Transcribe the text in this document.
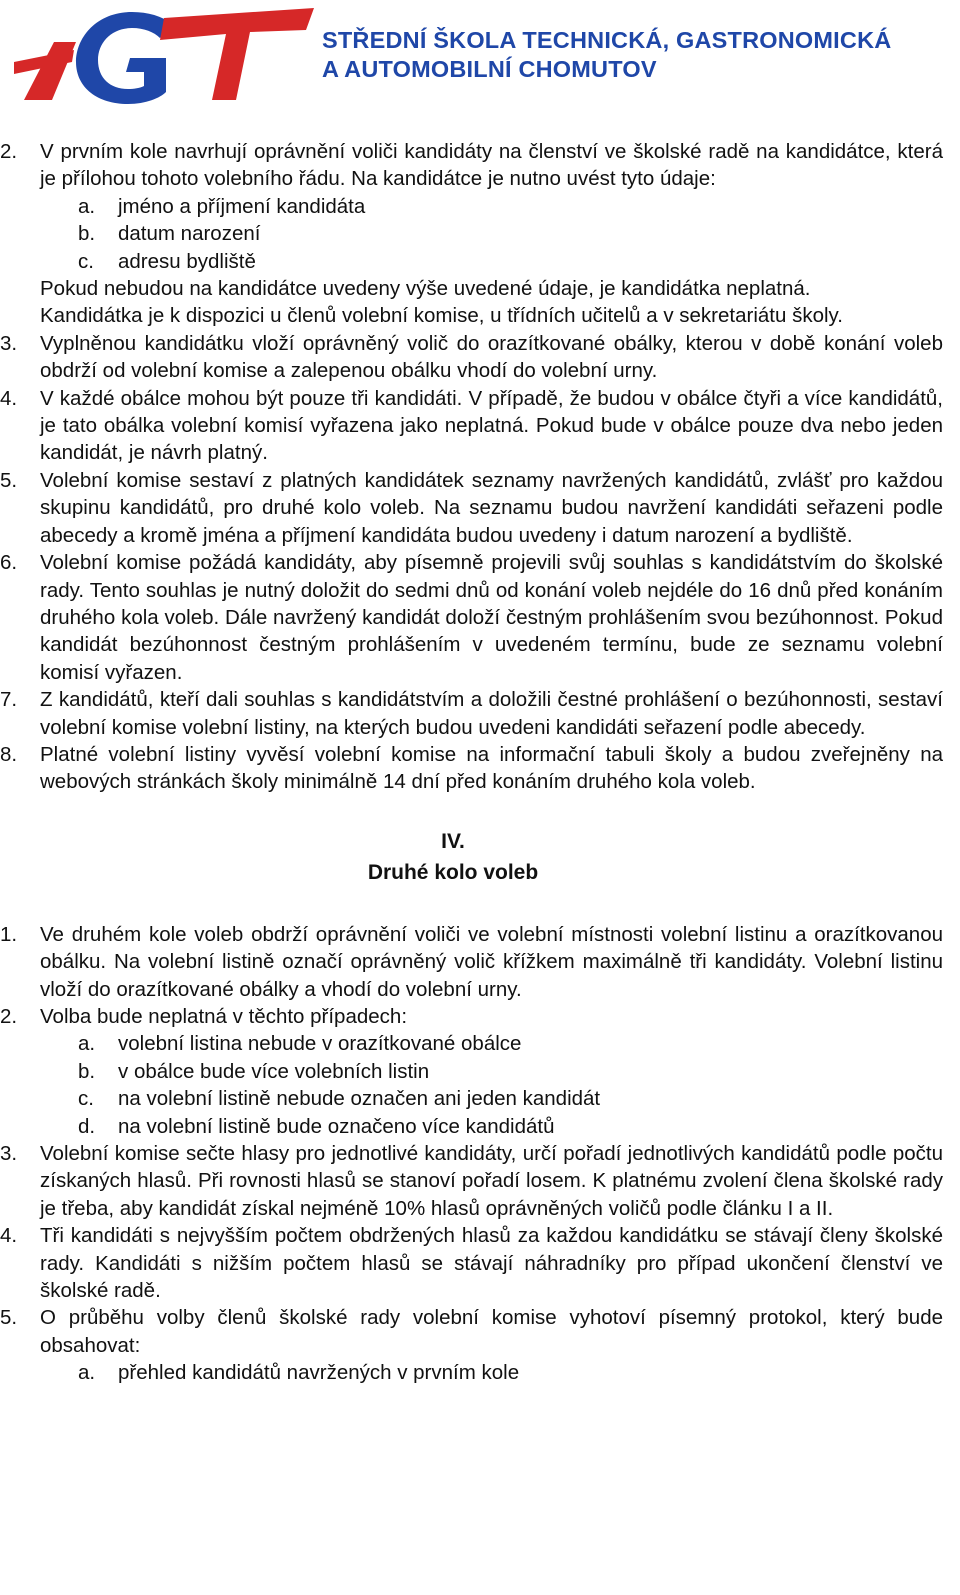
STŘEDNÍ ŠKOLA TECHNICKÁ, GASTRONOMICKÁ
A AUTOMOBILNÍ CHOMUTOV
2. V prvním kole navrhují oprávnění voliči kandidáty na členství ve školské radě na kandidátce, která je přílohou tohoto volebního řádu. Na kandidátce je nutno uvést tyto údaje:
a. jméno a příjmení kandidáta
b. datum narození
c. adresu bydliště
Pokud nebudou na kandidátce uvedeny výše uvedené údaje, je kandidátka neplatná.
Kandidátka je k dispozici u členů volební komise, u třídních učitelů a v sekretariátu školy.
3. Vyplněnou kandidátku vloží oprávněný volič do orazítkované obálky, kterou v době konání voleb obdrží od volební komise a zalepenou obálku vhodí do volební urny.
4. V každé obálce mohou být pouze tři kandidáti. V případě, že budou v obálce čtyři a více kandidátů, je tato obálka volební komisí vyřazena jako neplatná. Pokud bude v obálce pouze dva nebo jeden kandidát, je návrh platný.
5. Volební komise sestaví z platných kandidátek seznamy navržených kandidátů, zvlášť pro každou skupinu kandidátů, pro druhé kolo voleb. Na seznamu budou navržení kandidáti seřazeni podle abecedy a kromě jména a příjmení kandidáta budou uvedeny i datum narození a bydliště.
6. Volební komise požádá kandidáty, aby písemně projevili svůj souhlas s kandidátstvím do školské rady. Tento souhlas je nutný doložit do sedmi dnů od konání voleb nejdéle do 16 dnů před konáním druhého kola voleb. Dále navržený kandidát doloží čestným prohlášením svou bezúhonnost. Pokud kandidát bezúhonnost čestným prohlášením v uvedeném termínu, bude ze seznamu volební komisí vyřazen.
7. Z kandidátů, kteří dali souhlas s kandidátstvím a doložili čestné prohlášení o bezúhonnosti, sestaví volební komise volební listiny, na kterých budou uvedeni kandidáti seřazení podle abecedy.
8. Platné volební listiny vyvěsí volební komise na informační tabuli školy a budou zveřejněny na webových stránkách školy minimálně 14 dní před konáním druhého kola voleb.
IV.
Druhé kolo voleb
1. Ve druhém kole voleb obdrží oprávnění voliči ve volební místnosti volební listinu a orazítkovanou obálku. Na volební listině označí oprávněný volič křížkem maximálně tři kandidáty. Volební listinu vloží do orazítkované obálky a vhodí do volební urny.
2. Volba bude neplatná v těchto případech:
a. volební listina nebude v orazítkované obálce
b. v obálce bude více volebních listin
c. na volební listině nebude označen ani jeden kandidát
d. na volební listině bude označeno více kandidátů
3. Volební komise sečte hlasy pro jednotlivé kandidáty, určí pořadí jednotlivých kandidátů podle počtu získaných hlasů. Při rovnosti hlasů se stanoví pořadí losem. K platnému zvolení člena školské rady je třeba, aby kandidát získal nejméně 10% hlasů oprávněných voličů podle článku I a II.
4. Tři kandidáti s nejvyšším počtem obdržených hlasů za každou kandidátku se stávají členy školské rady. Kandidáti s nižším počtem hlasů se stávají náhradníky pro případ ukončení členství ve školské radě.
5. O průběhu volby členů školské rady volební komise vyhotoví písemný protokol, který bude obsahovat:
a. přehled kandidátů navržených v prvním kole
